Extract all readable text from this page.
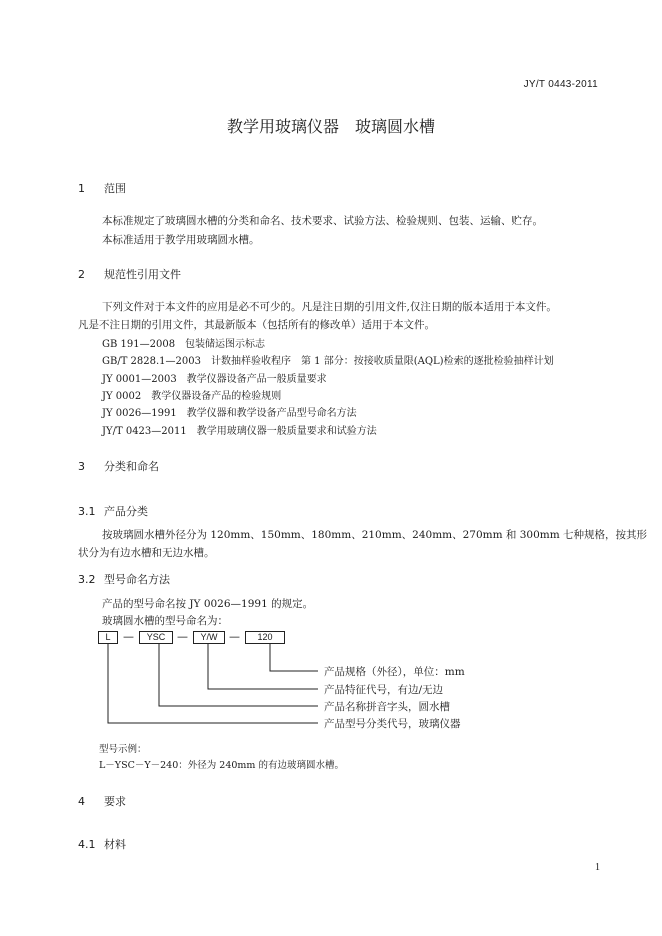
JY/T 0443-2011
教学用玻璃仪器　玻璃圆水槽
1 范围
本标准规定了玻璃圆水槽的分类和命名、技术要求、试验方法、检验规则、包装、运输、贮存。
本标准适用于教学用玻璃圆水槽。
2 规范性引用文件
下列文件对于本文件的应用是必不可少的。凡是注日期的引用文件,仅注日期的版本适用于本文件。
凡是不注日期的引用文件，其最新版本（包括所有的修改单）适用于本文件。
GB 191—2008　包装储运图示标志
GB/T 2828.1—2003　计数抽样验收程序　第 1 部分：按接收质量限(AQL)检索的逐批检验抽样计划
JY 0001—2003　教学仪器设备产品一般质量要求
JY 0002　教学仪器设备产品的检验规则
JY 0026—1991　教学仪器和教学设备产品型号命名方法
JY/T 0423—2011　教学用玻璃仪器一般质量要求和试验方法
3 分类和命名
3.1 产品分类
按玻璃圆水槽外径分为 120mm、150mm、180mm、210mm、240mm、270mm 和 300mm 七种规格，按其形
状分为有边水槽和无边水槽。
3.2 型号命名方法
产品的型号命名按 JY 0026—1991 的规定。
玻璃圆水槽的型号命名为：
L	—	YSC	—	Y/W	—	120
产品规格（外径），单位：mm
产品特征代号，有边/无边
产品名称拼音字头，圆水槽
产品型号分类代号，玻璃仪器
型号示例：
L－YSC－Y－240：外径为 240mm 的有边玻璃圆水槽。
4 要求
4.1 材料
1
